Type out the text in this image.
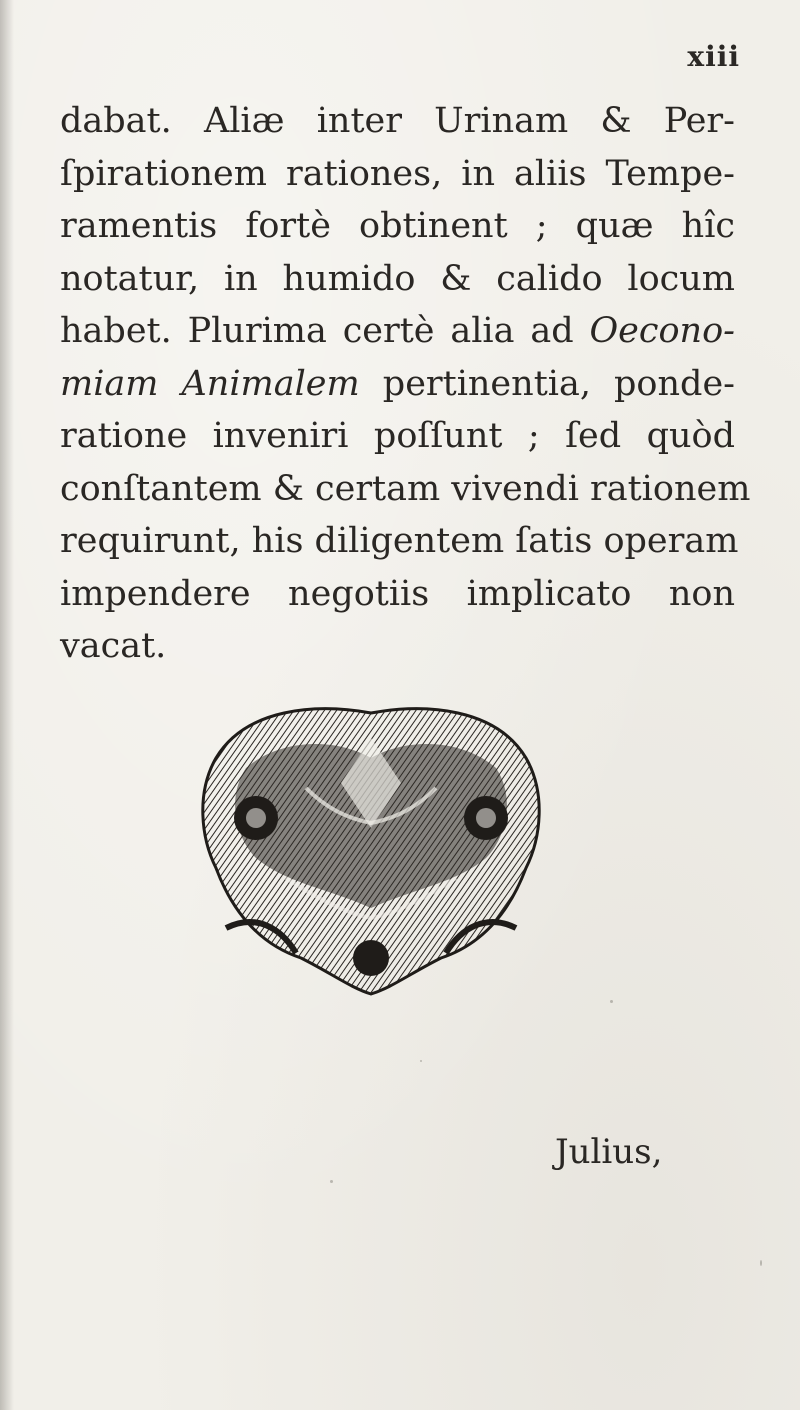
xiii
dabat. Aliæ inter Urinam & Per-
ſpirationem rationes, in aliis Tempe-
ramentis fortè obtinent ; quæ hîc
notatur, in humido & calido locum
habet. Plurima certè alia ad Oecono-
miam Animalem pertinentia, ponde-
ratione inveniri poſſunt ; ſed quòd
conſtantem & certam vivendi rationem
requirunt, his diligentem ſatis operam
impendere negotiis implicato non
vacat.
Julius,
